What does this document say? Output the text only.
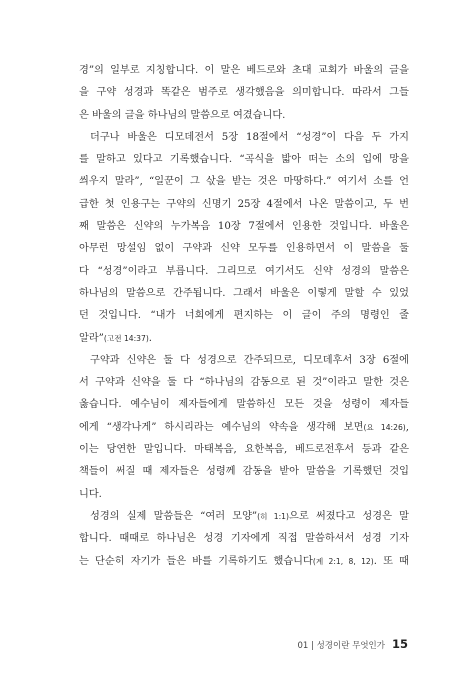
경”의 일부로 지칭합니다. 이 말은 베드로와 초대 교회가 바울의 글을
을 구약 성경과 똑같은 범주로 생각했음을 의미합니다. 따라서 그들
은 바울의 글을 하나님의 말씀으로 여겼습니다.
더구나 바울은 디모데전서 5장 18절에서 “성경”이 다음 두 가지
를 말하고 있다고 기록했습니다. “곡식을 밟아 떠는 소의 입에 망을
씌우지 말라”, “일꾼이 그 삯을 받는 것은 마땅하다.” 여기서 소를 언
급한 첫 인용구는 구약의 신명기 25장 4절에서 나온 말씀이고, 두 번
째 말씀은 신약의 누가복음 10장 7절에서 인용한 것입니다. 바울은
아무런 망설임 없이 구약과 신약 모두를 인용하면서 이 말씀을 둘
다 “성경”이라고 부릅니다. 그리므로 여기서도 신약 성경의 말씀은
하나님의 말씀으로 간주됩니다. 그래서 바울은 이렇게 말할 수 있었
던 것입니다. “내가 너희에게 편지하는 이 글이 주의 명령인 줄
알라”(고전 14:37).
구약과 신약은 둘 다 성경으로 간주되므로, 디모데후서 3장 6절에
서 구약과 신약을 둘 다 “하나님의 감동으로 된 것”이라고 말한 것은
옳습니다. 예수님이 제자들에게 말씀하신 모든 것을 성령이 제자들
에게 “생각나게” 하시리라는 예수님의 약속을 생각해 보면(요 14:26),
이는 당연한 말입니다. 마태복음, 요한복음, 베드로전후서 등과 같은
책들이 써질 때 제자들은 성령께 감동을 받아 말씀을 기록했던 것입
니다.
성경의 실제 말씀들은 “여러 모양”(히 1:1)으로 써졌다고 성경은 말
합니다. 때때로 하나님은 성경 기자에게 직접 말씀하셔서 성경 기자
는 단순히 자기가 들은 바를 기록하기도 했습니다(계 2:1, 8, 12). 또 때
01 | 성경이란 무엇인가 15
